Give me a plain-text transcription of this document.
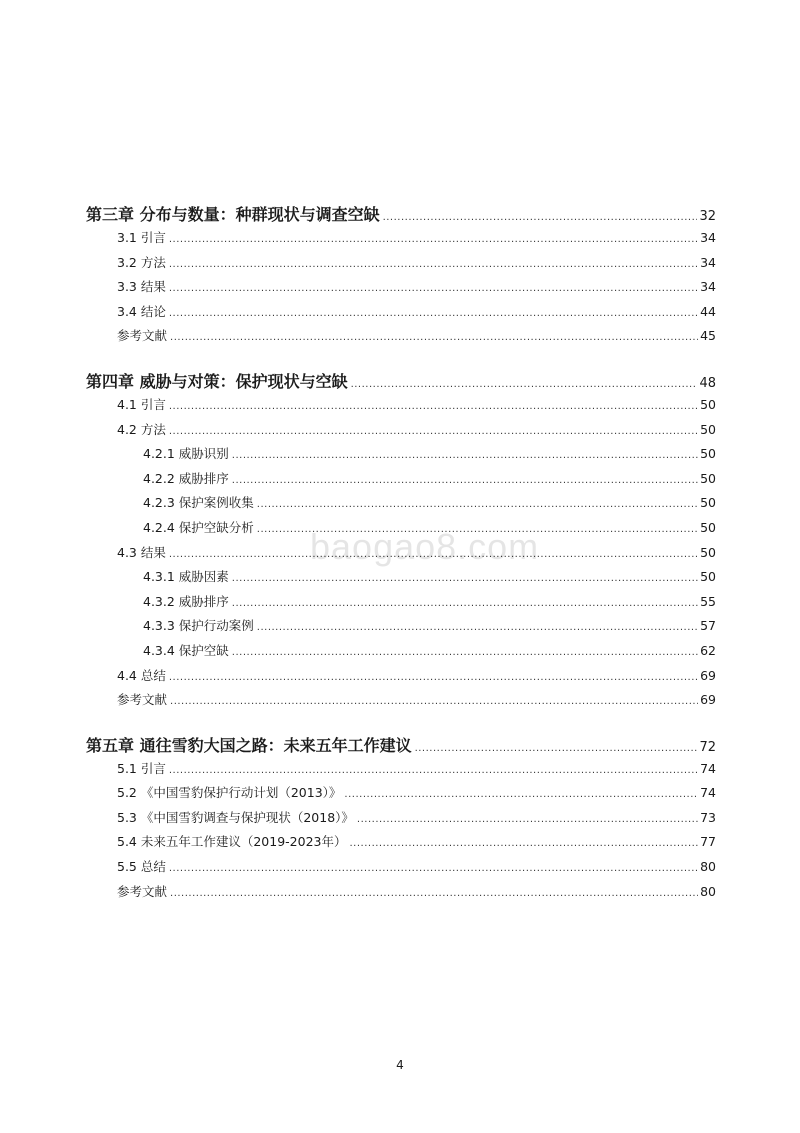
第三章 分布与数量：种群现状与调查空缺 .....	32
3.1 引言 .....	34
3.2 方法 .....	34
3.3 结果 .....	34
3.4 结论 .....	44
参考文献 .....	45
第四章 威胁与对策：保护现状与空缺 .....	48
4.1 引言 .....	50
4.2 方法 .....	50
4.2.1 威胁识别 .....	50
4.2.2 威胁排序 .....	50
4.2.3 保护案例收集 .....	50
4.2.4 保护空缺分析 .....	50
4.3 结果 .....	50
4.3.1 威胁因素 .....	50
4.3.2 威胁排序 .....	55
4.3.3 保护行动案例 .....	57
4.3.4 保护空缺 .....	62
4.4 总结 .....	69
参考文献 .....	69
第五章 通往雪豹大国之路：未来五年工作建议 .....	72
5.1 引言 .....	74
5.2 《中国雪豹保护行动计划（2013）》 .....	74
5.3 《中国雪豹调查与保护现状（2018）》 .....	73
5.4 未来五年工作建议（2019-2023年） .....	77
5.5 总结 .....	80
参考文献 .....	80
baogao8.com
4
